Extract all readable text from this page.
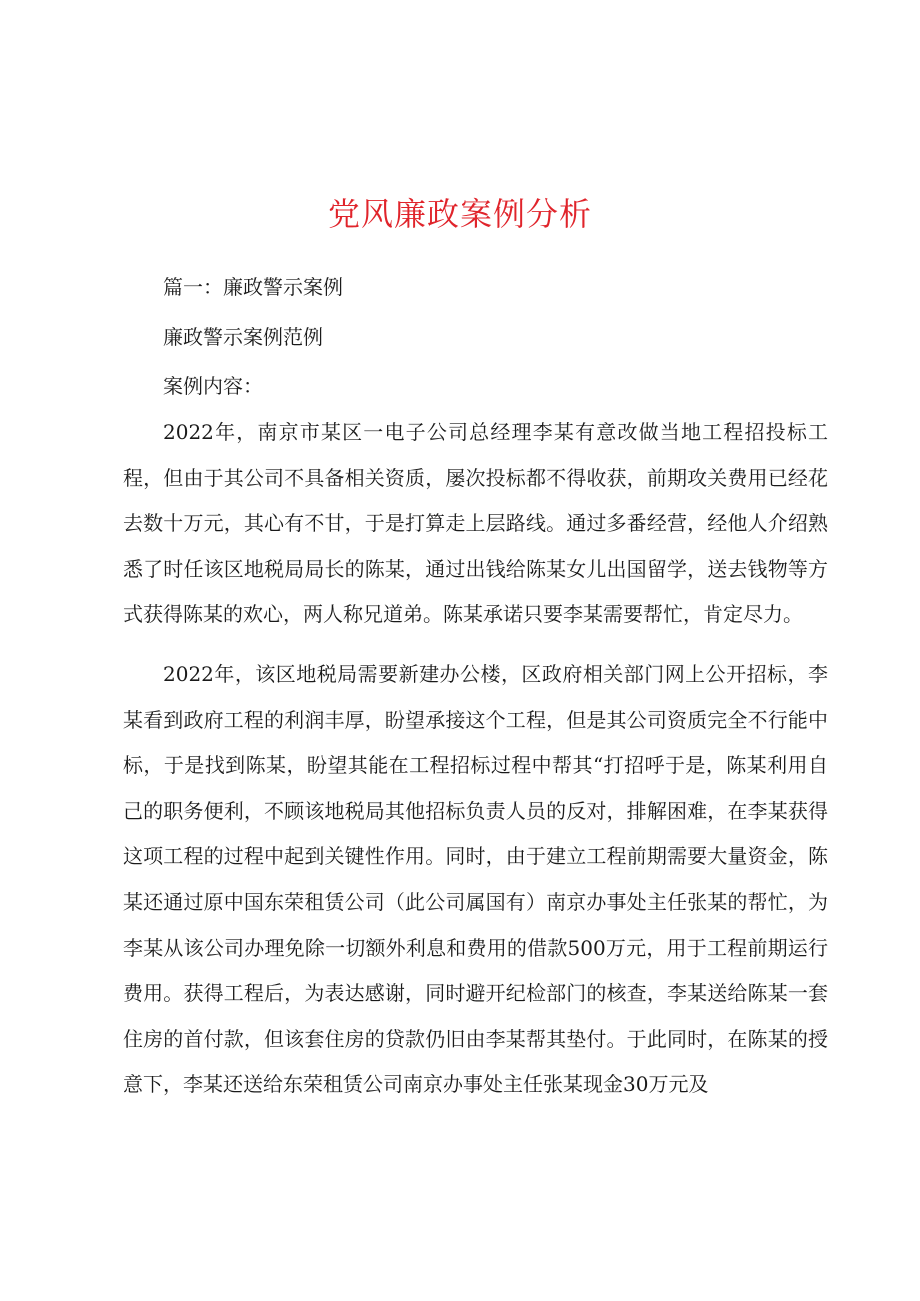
党风廉政案例分析
篇一：廉政警示案例
廉政警示案例范例
案例内容：

2022年，南京市某区一电子公司总经理李某有意改做当地工程招投标工程，但由于其公司不具备相关资质，屡次投标都不得收获，前期攻关费用已经花去数十万元，其心有不甘，于是打算走上层路线。通过多番经营，经他人介绍熟悉了时任该区地税局局长的陈某，通过出钱给陈某女儿出国留学，送去钱物等方式获得陈某的欢心，两人称兄道弟。陈某承诺只要李某需要帮忙，肯定尽力。

2022年，该区地税局需要新建办公楼，区政府相关部门网上公开招标，李某看到政府工程的利润丰厚，盼望承接这个工程，但是其公司资质完全不行能中标，于是找到陈某，盼望其能在工程招标过程中帮其“打招呼于是，陈某利用自己的职务便利，不顾该地税局其他招标负责人员的反对，排解困难，在李某获得这项工程的过程中起到关键性作用。同时，由于建立工程前期需要大量资金，陈某还通过原中国东荣租赁公司（此公司属国有）南京办事处主任张某的帮忙，为李某从该公司办理免除一切额外利息和费用的借款500万元，用于工程前期运行费用。获得工程后，为表达感谢，同时避开纪检部门的核查，李某送给陈某一套住房的首付款，但该套住房的贷款仍旧由李某帮其垫付。于此同时，在陈某的授意下，李某还送给东荣租赁公司南京办事处主任张某现金30万元及
